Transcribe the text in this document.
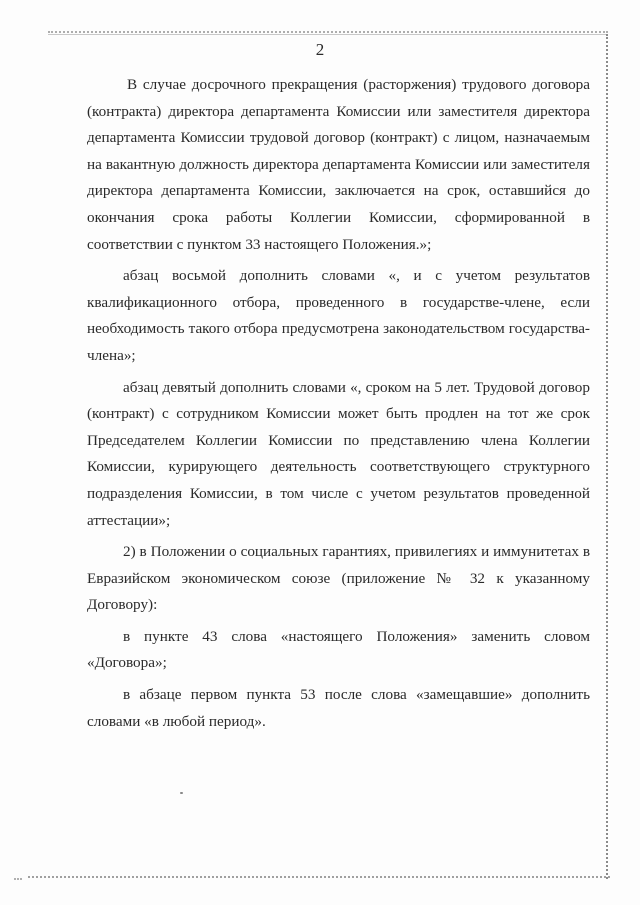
2

В случае досрочного прекращения (расторжения) трудового договора (контракта) директора департамента Комиссии или заместителя директора департамента Комиссии трудовой договор (контракт) с лицом, назначаемым на вакантную должность директора департамента Комиссии или заместителя директора департамента Комиссии, заключается на срок, оставшийся до окончания срока работы Коллегии Комиссии, сформированной в соответствии с пунктом 33 настоящего Положения.»;

абзац восьмой дополнить словами «, и с учетом результатов квалификационного отбора, проведенного в государстве-члене, если необходимость такого отбора предусмотрена законодательством государства-члена»;

абзац девятый дополнить словами «, сроком на 5 лет. Трудовой договор (контракт) с сотрудником Комиссии может быть продлен на тот же срок Председателем Коллегии Комиссии по представлению члена Коллегии Комиссии, курирующего деятельность соответствующего структурного подразделения Комиссии, в том числе с учетом результатов проведенной аттестации»;

2) в Положении о социальных гарантиях, привилегиях и иммунитетах в Евразийском экономическом союзе (приложение № 32 к указанному Договору):

в пункте 43 слова «настоящего Положения» заменить словом «Договора»;

в абзаце первом пункта 53 после слова «замещавшие» дополнить словами «в любой период».
